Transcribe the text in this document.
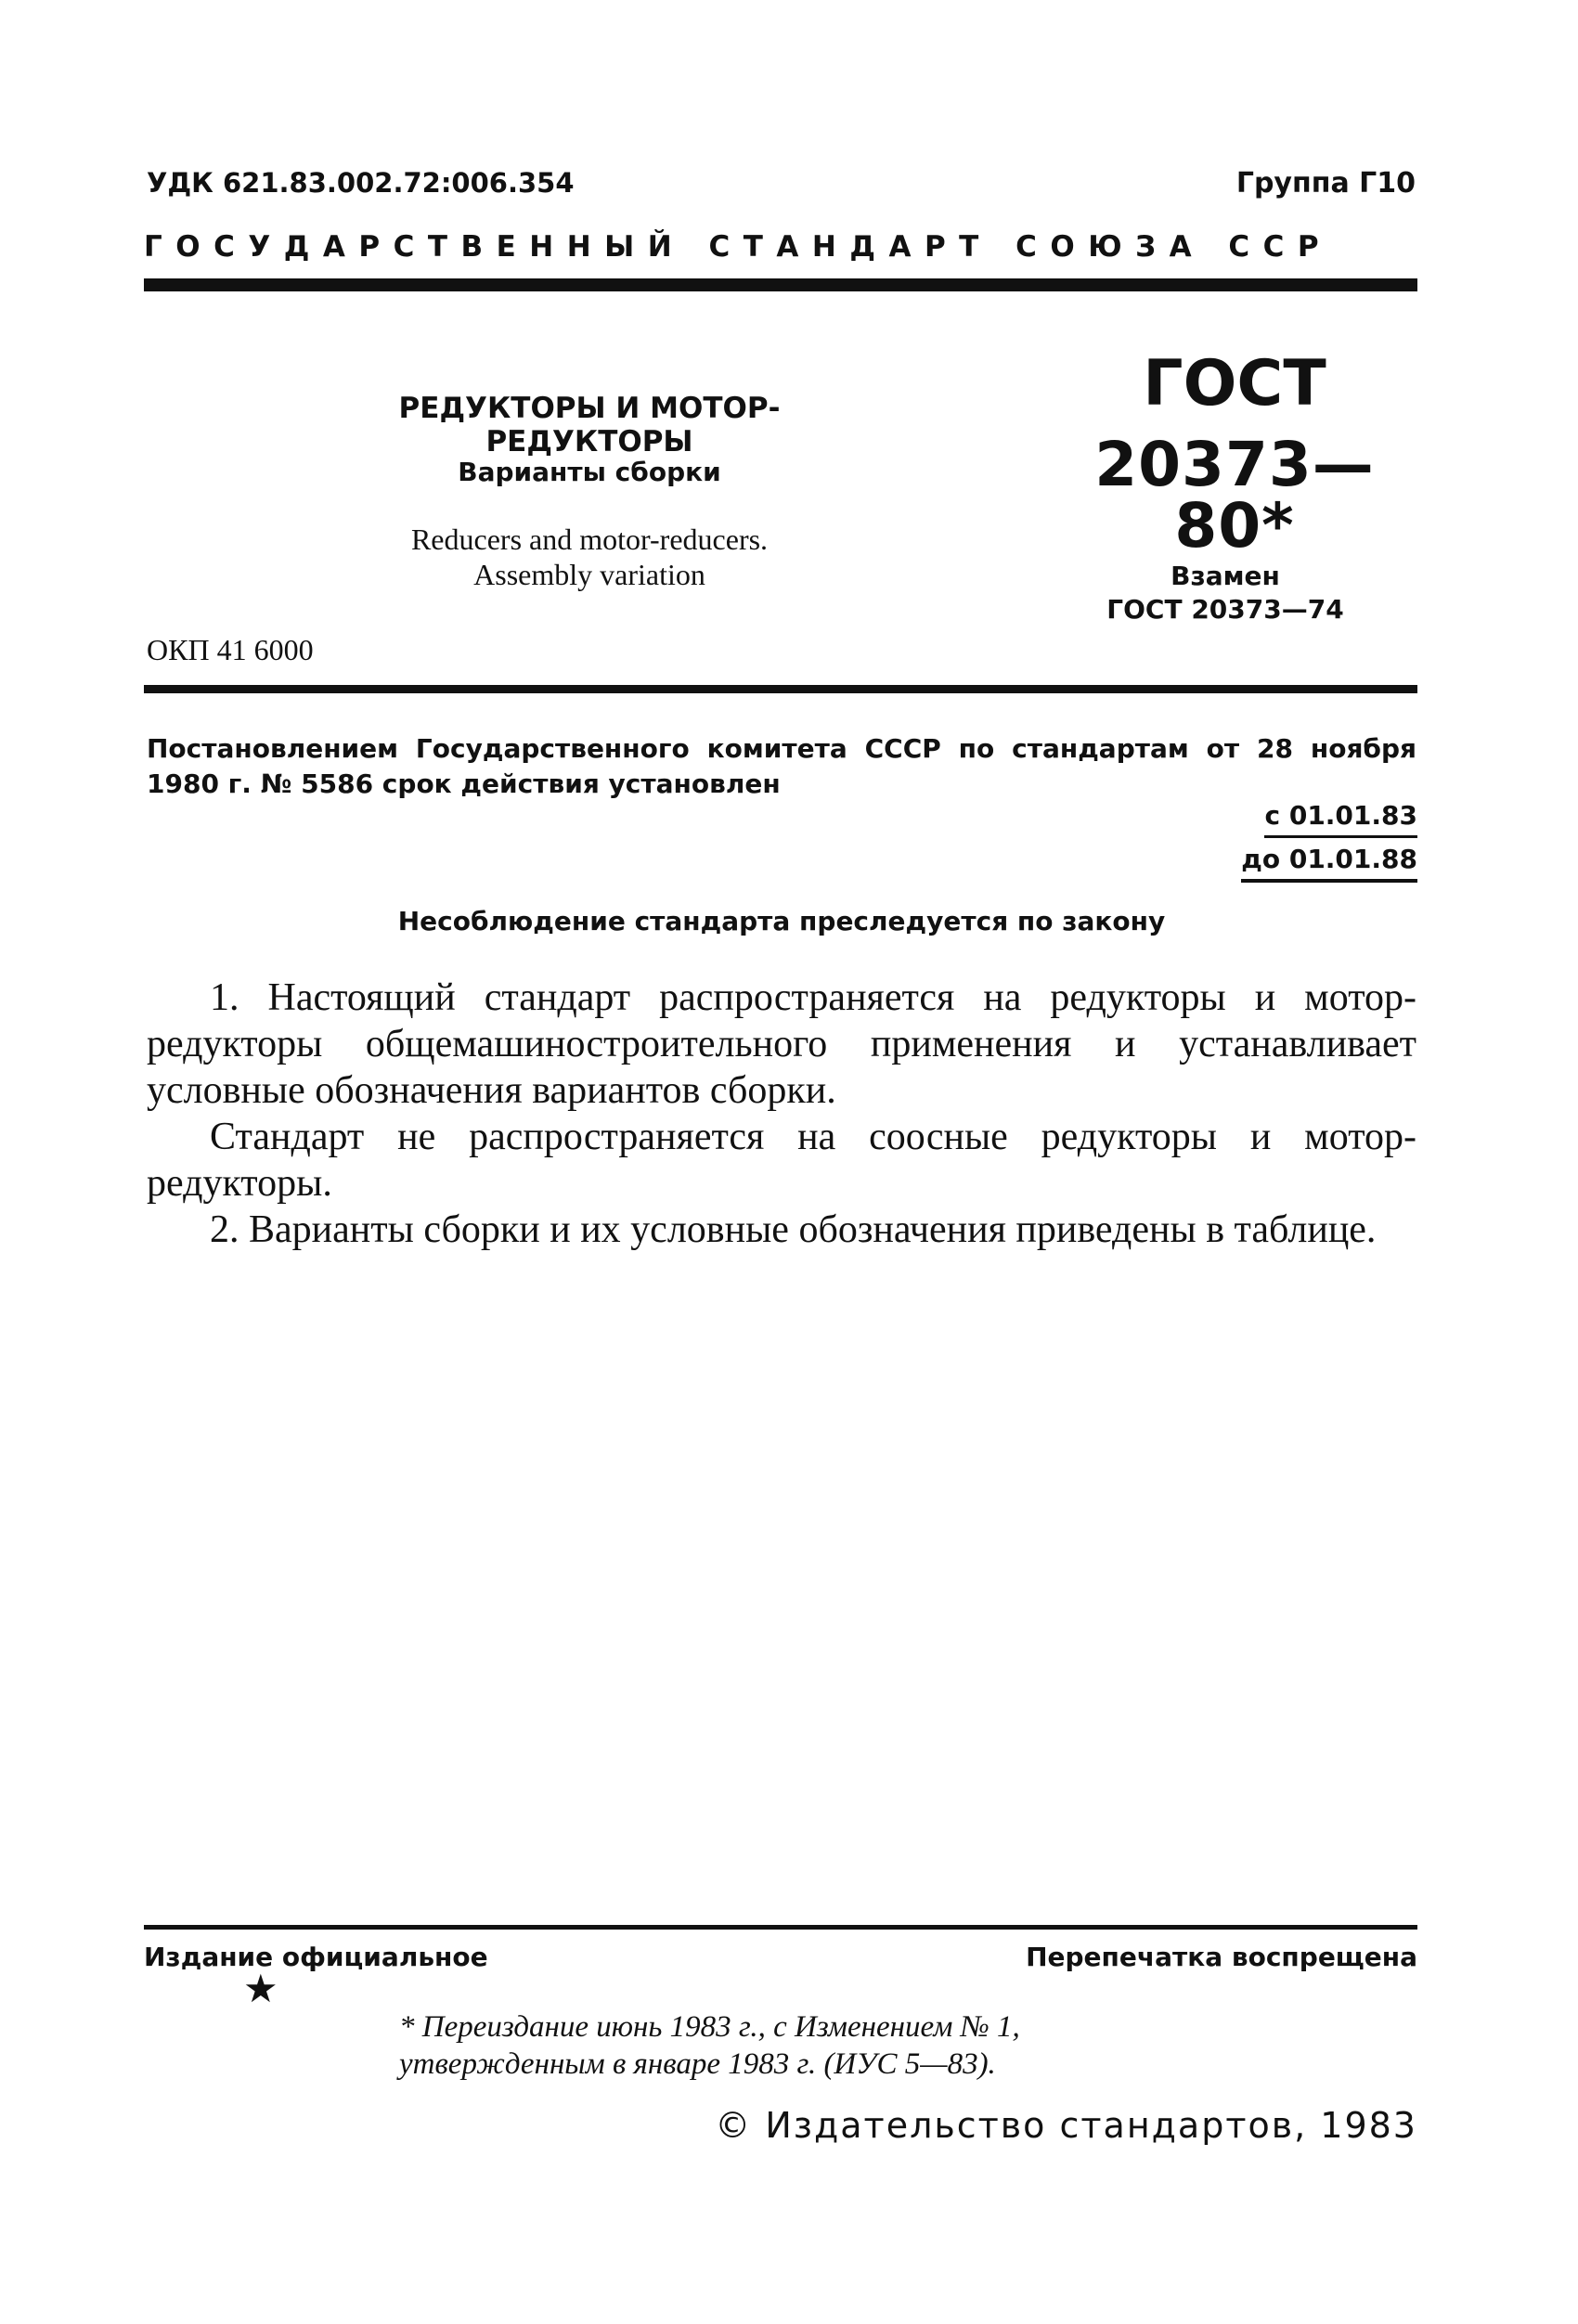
УДК 621.83.002.72:006.354	Группа Г10
ГОСУДАРСТВЕННЫЙ СТАНДАРТ СОЮЗА ССР
РЕДУКТОРЫ И МОТОР-РЕДУКТОРЫ
Варианты сборки
Reducers and motor-reducers.
Assembly variation
ОКП 41 6000
ГОСТ
20373—80*
Взамен
ГОСТ 20373—74
Постановлением Государственного комитета СССР по стандартам от 28 ноября 1980 г. № 5586 срок действия установлен
с 01.01.83
до 01.01.88
Несоблюдение стандарта преследуется по закону

1. Настоящий стандарт распространяется на редукторы и мотор-редукторы общемашиностроительного применения и устанавливает условные обозначения вариантов сборки.

Стандарт не распространяется на соосные редукторы и мотор-редукторы.

2. Варианты сборки и их условные обозначения приведены в таблице.

Издание официальное	Перепечатка воспрещена
★
* Переиздание июнь 1983 г., с Изменением № 1,
утвержденным в январе 1983 г. (ИУС 5—83).
© Издательство стандартов, 1983
